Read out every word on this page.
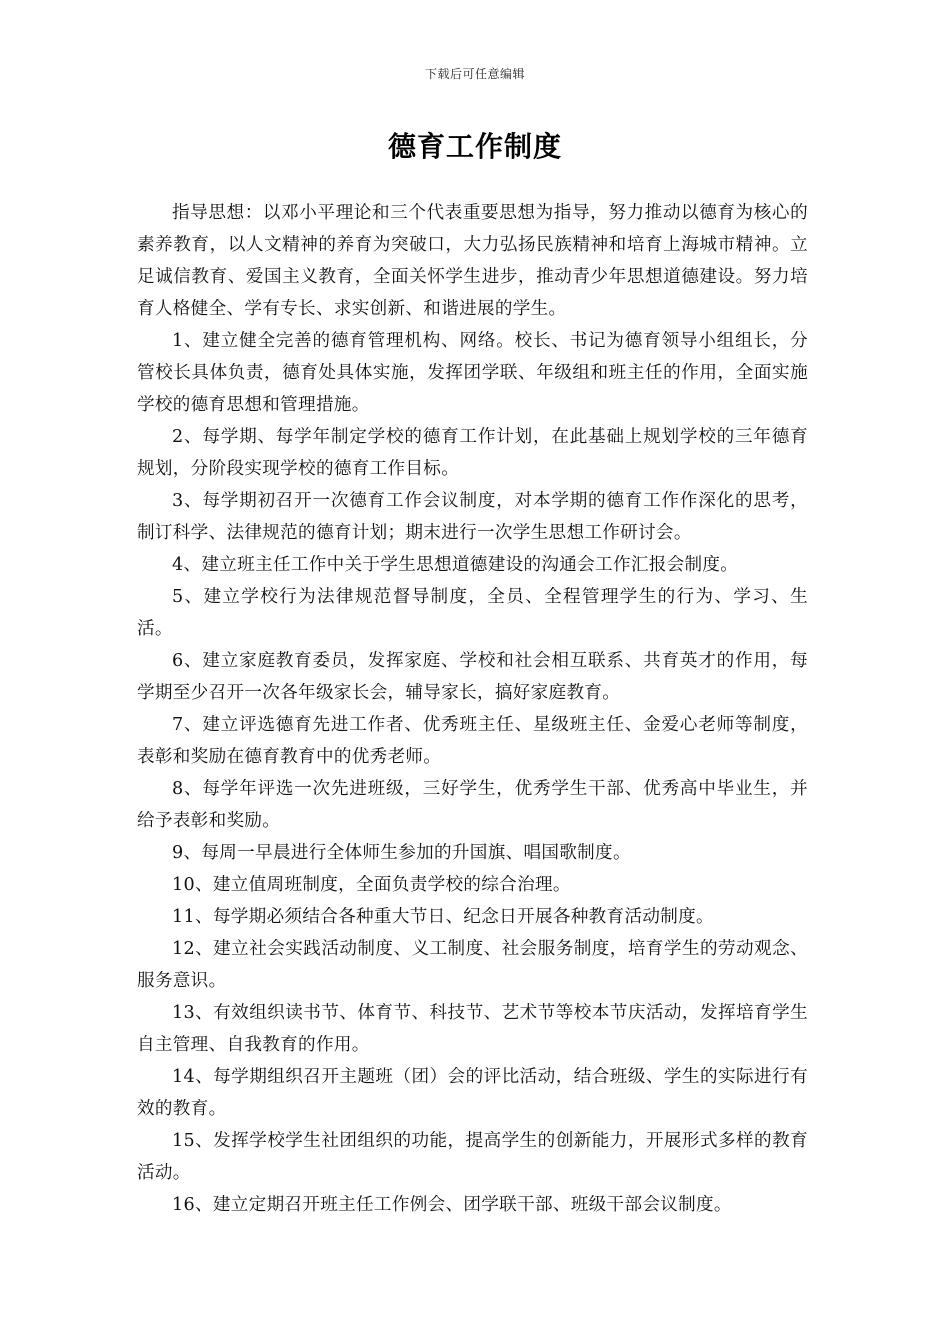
下载后可任意编辑
德育工作制度

指导思想：以邓小平理论和三个代表重要思想为指导，努力推动以德育为核心的素养教育，以人文精神的养育为突破口，大力弘扬民族精神和培育上海城市精神。立足诚信教育、爱国主义教育，全面关怀学生进步，推动青少年思想道德建设。努力培育人格健全、学有专长、求实创新、和谐进展的学生。

1、建立健全完善的德育管理机构、网络。校长、书记为德育领导小组组长，分管校长具体负责，德育处具体实施，发挥团学联、年级组和班主任的作用，全面实施学校的德育思想和管理措施。

2、每学期、每学年制定学校的德育工作计划，在此基础上规划学校的三年德育规划，分阶段实现学校的德育工作目标。

3、每学期初召开一次德育工作会议制度，对本学期的德育工作作深化的思考，制订科学、法律规范的德育计划；期末进行一次学生思想工作研讨会。

4、建立班主任工作中关于学生思想道德建设的沟通会工作汇报会制度。

5、建立学校行为法律规范督导制度，全员、全程管理学生的行为、学习、生活。

6、建立家庭教育委员，发挥家庭、学校和社会相互联系、共育英才的作用，每学期至少召开一次各年级家长会，辅导家长，搞好家庭教育。

7、建立评选德育先进工作者、优秀班主任、星级班主任、金爱心老师等制度，表彰和奖励在德育教育中的优秀老师。

8、每学年评选一次先进班级，三好学生，优秀学生干部、优秀高中毕业生，并给予表彰和奖励。

9、每周一早晨进行全体师生参加的升国旗、唱国歌制度。

10、建立值周班制度，全面负责学校的综合治理。

11、每学期必须结合各种重大节日、纪念日开展各种教育活动制度。

12、建立社会实践活动制度、义工制度、社会服务制度，培育学生的劳动观念、服务意识。

13、有效组织读书节、体育节、科技节、艺术节等校本节庆活动，发挥培育学生自主管理、自我教育的作用。

14、每学期组织召开主题班（团）会的评比活动，结合班级、学生的实际进行有效的教育。

15、发挥学校学生社团组织的功能，提高学生的创新能力，开展形式多样的教育活动。

16、建立定期召开班主任工作例会、团学联干部、班级干部会议制度。
